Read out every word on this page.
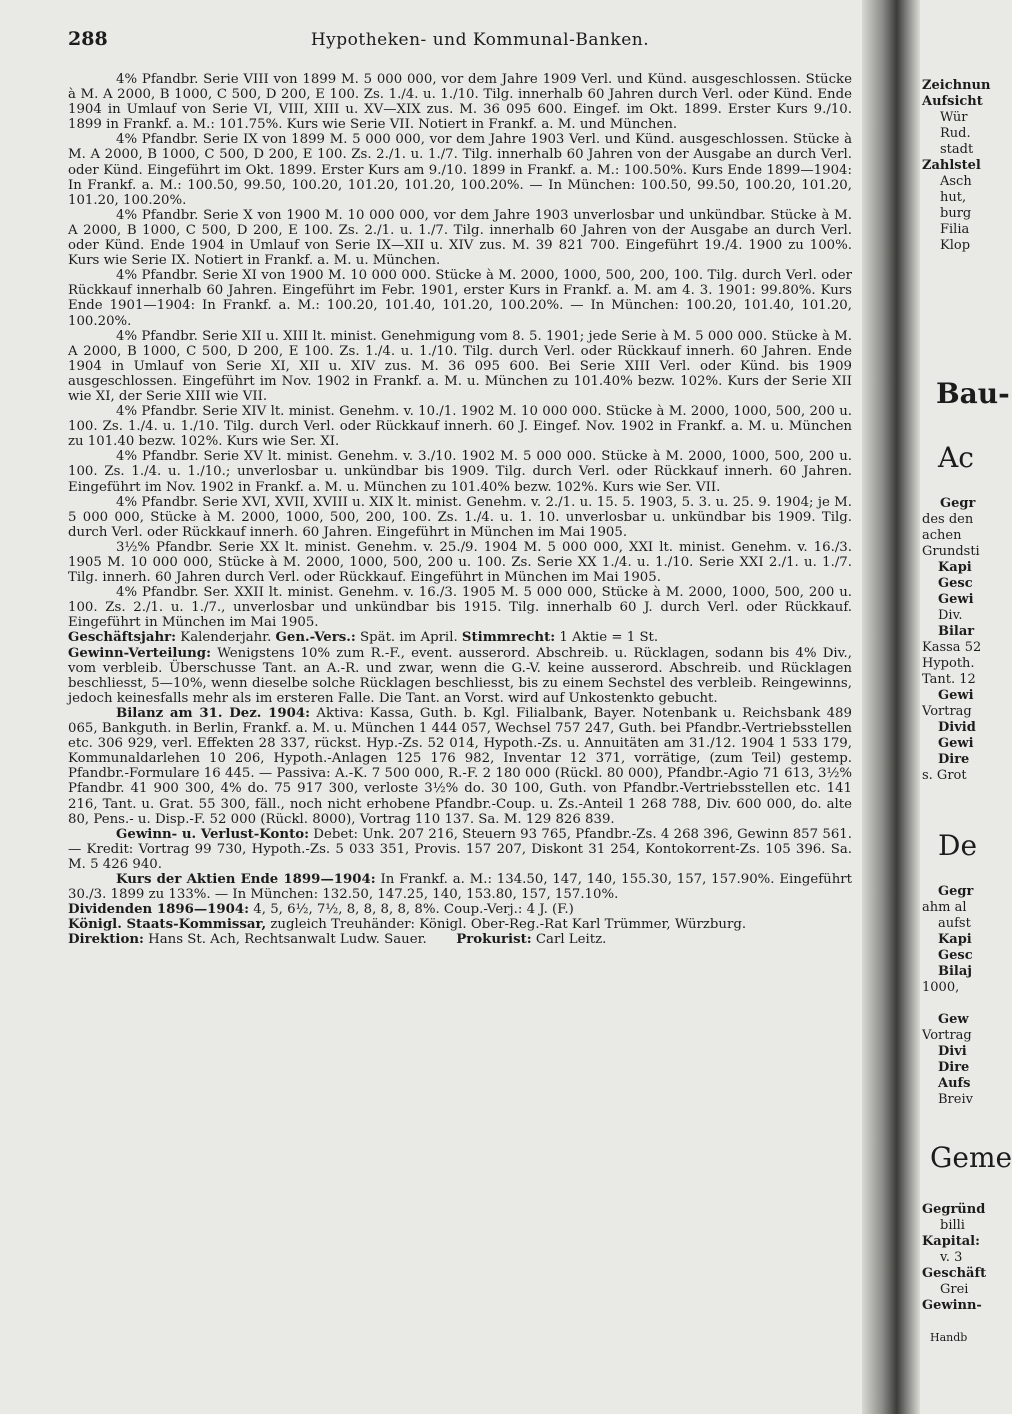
288	Hypotheken- und Kommunal-Banken.

4% Pfandbr. Serie VIII von 1899 M. 5 000 000, vor dem Jahre 1909 Verl. und Künd. ausgeschlossen. Stücke à M. A 2000, B 1000, C 500, D 200, E 100. Zs. 1./4. u. 1./10. Tilg. innerhalb 60 Jahren durch Verl. oder Künd. Ende 1904 in Umlauf von Serie VI, VIII, XIII u. XV—XIX zus. M. 36 095 600. Eingef. im Okt. 1899. Erster Kurs 9./10. 1899 in Frankf. a. M.: 101.75%. Kurs wie Serie VII. Notiert in Frankf. a. M. und München.

4% Pfandbr. Serie IX von 1899 M. 5 000 000, vor dem Jahre 1903 Verl. und Künd. ausgeschlossen. Stücke à M. A 2000, B 1000, C 500, D 200, E 100. Zs. 2./1. u. 1./7. Tilg. innerhalb 60 Jahren von der Ausgabe an durch Verl. oder Künd. Eingeführt im Okt. 1899. Erster Kurs am 9./10. 1899 in Frankf. a. M.: 100.50%. Kurs Ende 1899—1904: In Frankf. a. M.: 100.50, 99.50, 100.20, 101.20, 101.20, 100.20%. — In München: 100.50, 99.50, 100.20, 101.20, 101.20, 100.20%.

4% Pfandbr. Serie X von 1900 M. 10 000 000, vor dem Jahre 1903 unverlosbar und unkündbar. Stücke à M. A 2000, B 1000, C 500, D 200, E 100. Zs. 2./1. u. 1./7. Tilg. innerhalb 60 Jahren von der Ausgabe an durch Verl. oder Künd. Ende 1904 in Umlauf von Serie IX—XII u. XIV zus. M. 39 821 700. Eingeführt 19./4. 1900 zu 100%. Kurs wie Serie IX. Notiert in Frankf. a. M. u. München.

4% Pfandbr. Serie XI von 1900 M. 10 000 000. Stücke à M. 2000, 1000, 500, 200, 100. Tilg. durch Verl. oder Rückkauf innerhalb 60 Jahren. Eingeführt im Febr. 1901, erster Kurs in Frankf. a. M. am 4. 3. 1901: 99.80%. Kurs Ende 1901—1904: In Frankf. a. M.: 100.20, 101.40, 101.20, 100.20%. — In München: 100.20, 101.40, 101.20, 100.20%.

4% Pfandbr. Serie XII u. XIII lt. minist. Genehmigung vom 8. 5. 1901; jede Serie à M. 5 000 000. Stücke à M. A 2000, B 1000, C 500, D 200, E 100. Zs. 1./4. u. 1./10. Tilg. durch Verl. oder Rückkauf innerh. 60 Jahren. Ende 1904 in Umlauf von Serie XI, XII u. XIV zus. M. 36 095 600. Bei Serie XIII Verl. oder Künd. bis 1909 ausgeschlossen. Eingeführt im Nov. 1902 in Frankf. a. M. u. München zu 101.40% bezw. 102%. Kurs der Serie XII wie XI, der Serie XIII wie VII.

4% Pfandbr. Serie XIV lt. minist. Genehm. v. 10./1. 1902 M. 10 000 000. Stücke à M. 2000, 1000, 500, 200 u. 100. Zs. 1./4. u. 1./10. Tilg. durch Verl. oder Rückkauf innerh. 60 J. Eingef. Nov. 1902 in Frankf. a. M. u. München zu 101.40 bezw. 102%. Kurs wie Ser. XI.

4% Pfandbr. Serie XV lt. minist. Genehm. v. 3./10. 1902 M. 5 000 000. Stücke à M. 2000, 1000, 500, 200 u. 100. Zs. 1./4. u. 1./10.; unverlosbar u. unkündbar bis 1909. Tilg. durch Verl. oder Rückkauf innerh. 60 Jahren. Eingeführt im Nov. 1902 in Frankf. a. M. u. München zu 101.40% bezw. 102%. Kurs wie Ser. VII.

4% Pfandbr. Serie XVI, XVII, XVIII u. XIX lt. minist. Genehm. v. 2./1. u. 15. 5. 1903, 5. 3. u. 25. 9. 1904; je M. 5 000 000, Stücke à M. 2000, 1000, 500, 200, 100. Zs. 1./4. u. 1. 10. unverlosbar u. unkündbar bis 1909. Tilg. durch Verl. oder Rückkauf innerh. 60 Jahren. Eingeführt in München im Mai 1905.

3½% Pfandbr. Serie XX lt. minist. Genehm. v. 25./9. 1904 M. 5 000 000, XXI lt. minist. Genehm. v. 16./3. 1905 M. 10 000 000, Stücke à M. 2000, 1000, 500, 200 u. 100. Zs. Serie XX 1./4. u. 1./10. Serie XXI 2./1. u. 1./7. Tilg. innerh. 60 Jahren durch Verl. oder Rückkauf. Eingeführt in München im Mai 1905.

4% Pfandbr. Ser. XXII lt. minist. Genehm. v. 16./3. 1905 M. 5 000 000, Stücke à M. 2000, 1000, 500, 200 u. 100. Zs. 2./1. u. 1./7., unverlosbar und unkündbar bis 1915. Tilg. innerhalb 60 J. durch Verl. oder Rückkauf. Eingeführt in München im Mai 1905.

Geschäftsjahr: Kalenderjahr. Gen.-Vers.: Spät. im April. Stimmrecht: 1 Aktie = 1 St.

Gewinn-Verteilung: Wenigstens 10% zum R.-F., event. ausserord. Abschreib. u. Rücklagen, sodann bis 4% Div., vom verbleib. Überschusse Tant. an A.-R. und zwar, wenn die G.-V. keine ausserord. Abschreib. und Rücklagen beschliesst, 5—10%, wenn dieselbe solche Rücklagen beschliesst, bis zu einem Sechstel des verbleib. Reingewinns, jedoch keinesfalls mehr als im ersteren Falle. Die Tant. an Vorst. wird auf Unkostenkto gebucht.

Bilanz am 31. Dez. 1904: Aktiva: Kassa, Guth. b. Kgl. Filialbank, Bayer. Notenbank u. Reichsbank 489 065, Bankguth. in Berlin, Frankf. a. M. u. München 1 444 057, Wechsel 757 247, Guth. bei Pfandbr.-Vertriebsstellen etc. 306 929, verl. Effekten 28 337, rückst. Hyp.-Zs. 52 014, Hypoth.-Zs. u. Annuitäten am 31./12. 1904 1 533 179, Kommunaldarlehen 10 206, Hypoth.-Anlagen 125 176 982, Inventar 12 371, vorrätige, (zum Teil) gestemp. Pfandbr.-Formulare 16 445. — Passiva: A.-K. 7 500 000, R.-F. 2 180 000 (Rückl. 80 000), Pfandbr.-Agio 71 613, 3½% Pfandbr. 41 900 300, 4% do. 75 917 300, verloste 3½% do. 30 100, Guth. von Pfandbr.-Vertriebsstellen etc. 141 216, Tant. u. Grat. 55 300, fäll., noch nicht erhobene Pfandbr.-Coup. u. Zs.-Anteil 1 268 788, Div. 600 000, do. alte 80, Pens.- u. Disp.-F. 52 000 (Rückl. 8000), Vortrag 110 137. Sa. M. 129 826 839.

Gewinn- u. Verlust-Konto: Debet: Unk. 207 216, Steuern 93 765, Pfandbr.-Zs. 4 268 396, Gewinn 857 561. — Kredit: Vortrag 99 730, Hypoth.-Zs. 5 033 351, Provis. 157 207, Diskont 31 254, Kontokorrent-Zs. 105 396. Sa. M. 5 426 940.

Kurs der Aktien Ende 1899—1904: In Frankf. a. M.: 134.50, 147, 140, 155.30, 157, 157.90%. Eingeführt 30./3. 1899 zu 133%. — In München: 132.50, 147.25, 140, 153.80, 157, 157.10%.

Dividenden 1896—1904: 4, 5, 6½, 7½, 8, 8, 8, 8, 8%. Coup.-Verj.: 4 J. (F.)

Königl. Staats-Kommissar, zugleich Treuhänder: Königl. Ober-Reg.-Rat Karl Trümmer, Würzburg.

Direktion: Hans St. Ach, Rechtsanwalt Ludw. Sauer. Prokurist: Carl Leitz.

Zeichnun
Aufsicht
Wür
Rud.
stadt
Zahlstel
Asch
hut,
burg
Filia
Klop
Bau-
Ac
Gegr
des den
achen
Grundsti
Kapi
Gesc
Gewi
Div.
Bilar
Kassa 52
Hypoth.
Tant. 12
Gewi
Vortrag
Divid
Gewi
Dire
s. Grot
De
Gegr
ahm al
aufst
Kapi
Gesc
Bilaj
1000,
Gew
Vortrag
Divi
Dire
Aufs
Breiv
Geme
Gegründ
billi
Kapital:
v. 3
Geschäft
Grei
Gewinn-
Handb
